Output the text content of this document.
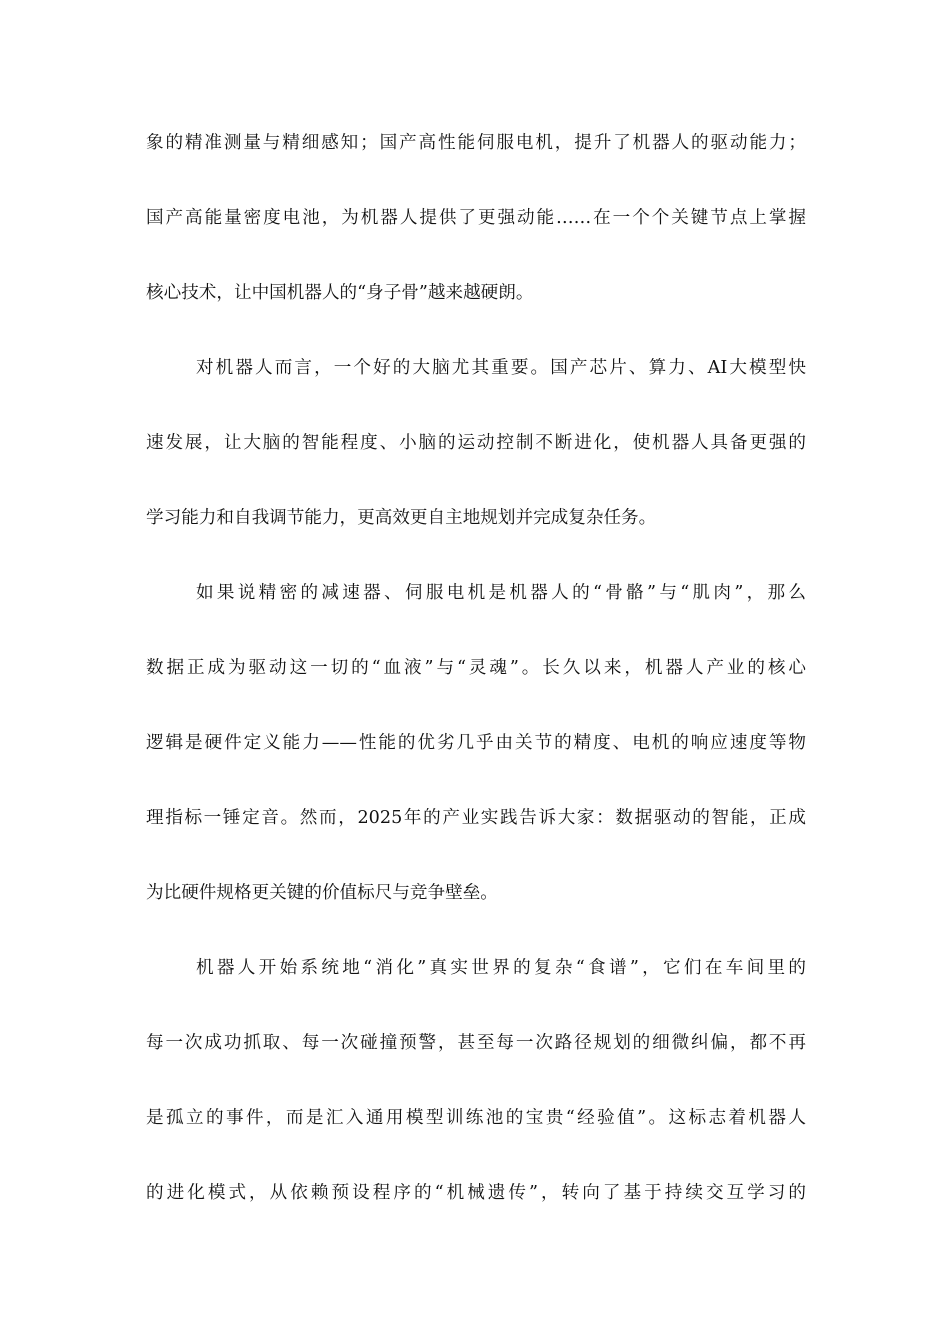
象的精准测量与精细感知；国产高性能伺服电机，提升了机器人的驱动能力；
国产高能量密度电池，为机器人提供了更强动能……在一个个关键节点上掌握
核心技术，让中国机器人的“身子骨”越来越硬朗。
对机器人而言，一个好的大脑尤其重要。国产芯片、算力、AI大模型快
速发展，让大脑的智能程度、小脑的运动控制不断进化，使机器人具备更强的
学习能力和自我调节能力，更高效更自主地规划并完成复杂任务。
如果说精密的减速器、伺服电机是机器人的“骨骼”与“肌肉”，那么
数据正成为驱动这一切的“血液”与“灵魂”。长久以来，机器人产业的核心
逻辑是硬件定义能力——性能的优劣几乎由关节的精度、电机的响应速度等物
理指标一锤定音。然而，2025年的产业实践告诉大家：数据驱动的智能，正成
为比硬件规格更关键的价值标尺与竞争壁垒。
机器人开始系统地“消化”真实世界的复杂“食谱”，它们在车间里的
每一次成功抓取、每一次碰撞预警，甚至每一次路径规划的细微纠偏，都不再
是孤立的事件，而是汇入通用模型训练池的宝贵“经验值”。这标志着机器人
的进化模式，从依赖预设程序的“机械遗传”，转向了基于持续交互学习的
